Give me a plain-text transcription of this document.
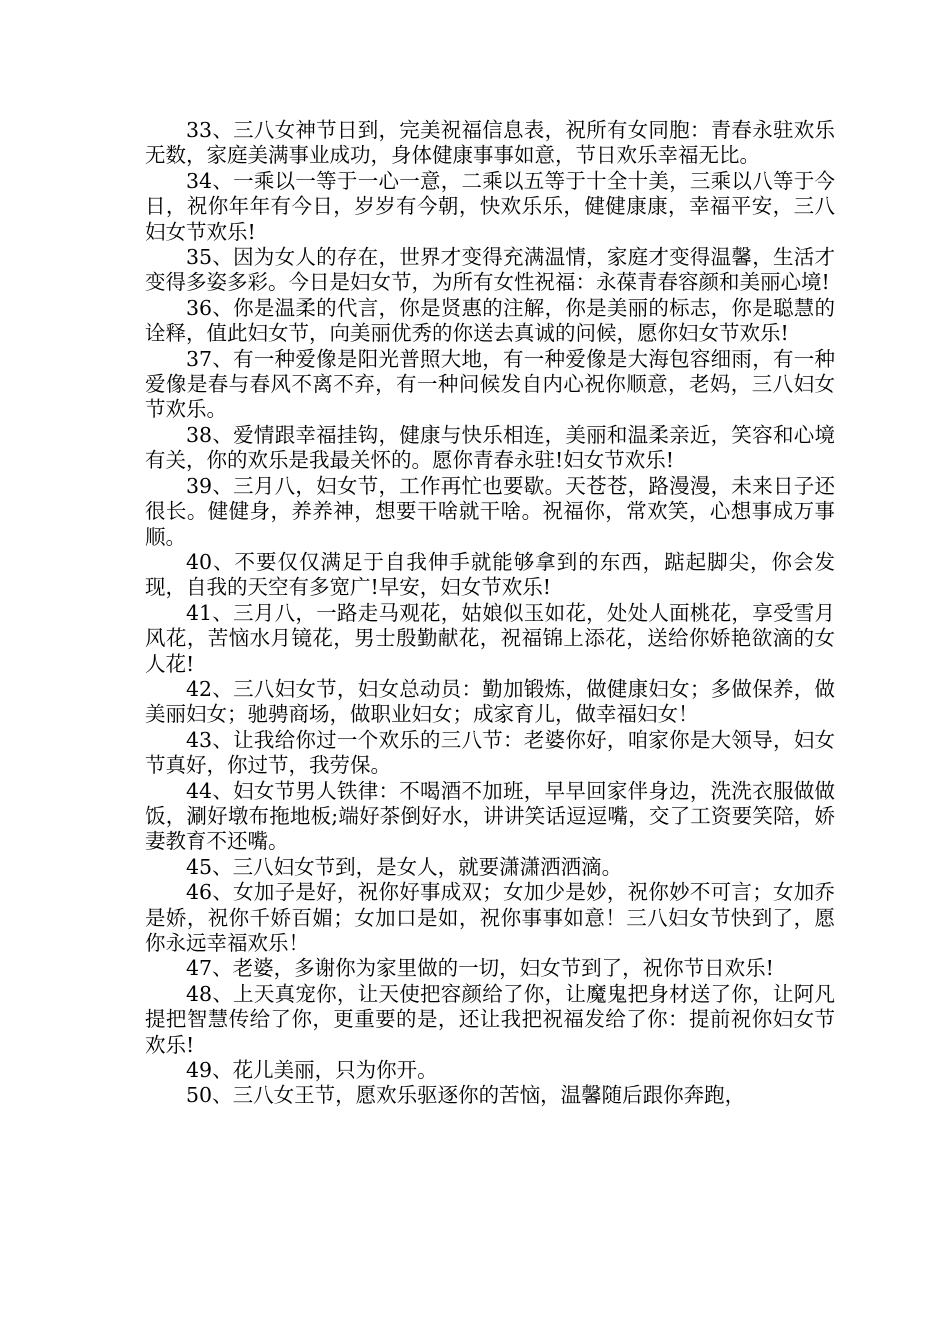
33、三八女神节日到，完美祝福信息表，祝所有女同胞：青春永驻欢乐无数，家庭美满事业成功，身体健康事事如意，节日欢乐幸福无比。

34、一乘以一等于一心一意，二乘以五等于十全十美，三乘以八等于今日，祝你年年有今日，岁岁有今朝，快欢乐乐，健健康康，幸福平安，三八妇女节欢乐!

35、因为女人的存在，世界才变得充满温情，家庭才变得温馨，生活才变得多姿多彩。今日是妇女节，为所有女性祝福：永葆青春容颜和美丽心境!

36、你是温柔的代言，你是贤惠的注解，你是美丽的标志，你是聪慧的诠释，值此妇女节，向美丽优秀的你送去真诚的问候，愿你妇女节欢乐!

37、有一种爱像是阳光普照大地，有一种爱像是大海包容细雨，有一种爱像是春与春风不离不弃，有一种问候发自内心祝你顺意，老妈，三八妇女节欢乐。

38、爱情跟幸福挂钩，健康与快乐相连，美丽和温柔亲近，笑容和心境有关，你的欢乐是我最关怀的。愿你青春永驻!妇女节欢乐!

39、三月八，妇女节，工作再忙也要歇。天苍苍，路漫漫，未来日子还很长。健健身，养养神，想要干啥就干啥。祝福你，常欢笑，心想事成万事顺。

40、不要仅仅满足于自我伸手就能够拿到的东西，踮起脚尖，你会发现，自我的天空有多宽广!早安，妇女节欢乐!

41、三月八，一路走马观花，姑娘似玉如花，处处人面桃花，享受雪月风花，苦恼水月镜花，男士殷勤献花，祝福锦上添花，送给你娇艳欲滴的女人花!

42、三八妇女节，妇女总动员：勤加锻炼，做健康妇女；多做保养，做美丽妇女；驰骋商场，做职业妇女；成家育儿，做幸福妇女！

43、让我给你过一个欢乐的三八节：老婆你好，咱家你是大领导，妇女节真好，你过节，我劳保。

44、妇女节男人铁律：不喝酒不加班，早早回家伴身边，洗洗衣服做做饭，涮好墩布拖地板;端好茶倒好水，讲讲笑话逗逗嘴，交了工资要笑陪，娇妻教育不还嘴。

45、三八妇女节到，是女人，就要潇潇洒洒滴。

46、女加子是好，祝你好事成双；女加少是妙，祝你妙不可言；女加乔是娇，祝你千娇百媚；女加口是如，祝你事事如意！三八妇女节快到了，愿你永远幸福欢乐！

47、老婆，多谢你为家里做的一切，妇女节到了，祝你节日欢乐!

48、上天真宠你，让天使把容颜给了你，让魔鬼把身材送了你，让阿凡提把智慧传给了你，更重要的是，还让我把祝福发给了你：提前祝你妇女节欢乐!

49、花儿美丽，只为你开。

50、三八女王节，愿欢乐驱逐你的苦恼，温馨随后跟你奔跑，
